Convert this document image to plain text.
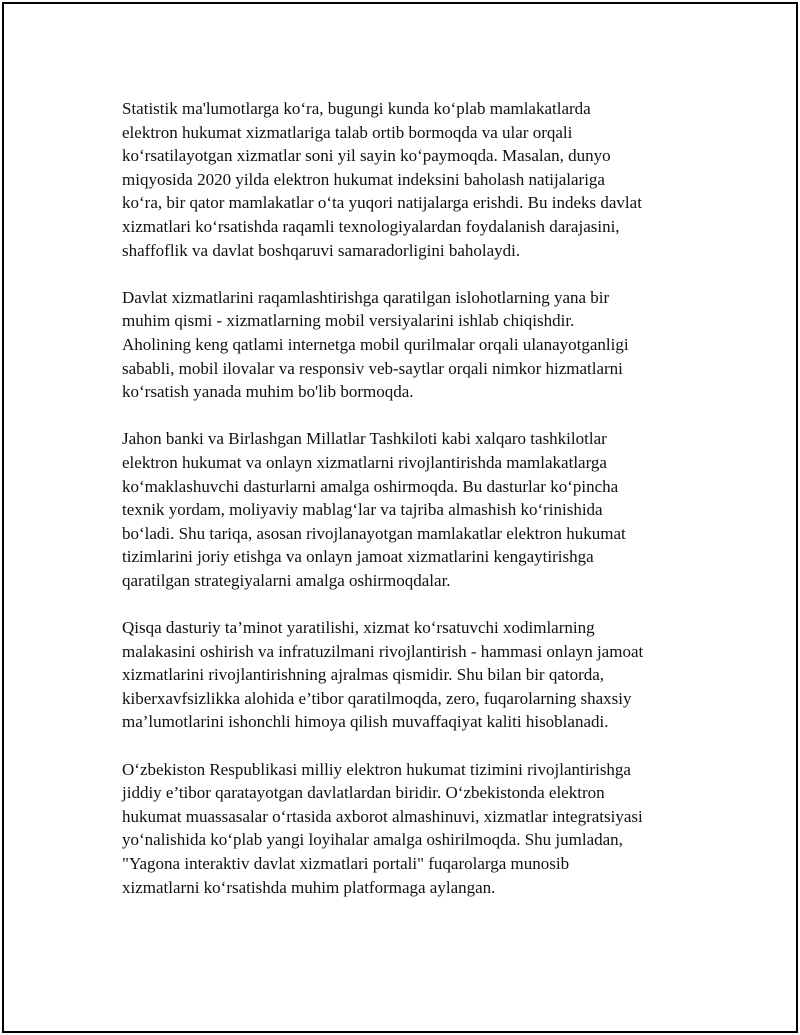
Statistik ma'lumotlarga ko‘ra, bugungi kunda ko‘plab mamlakatlarda
elektron hukumat xizmatlariga talab ortib bormoqda va ular orqali
ko‘rsatilayotgan xizmatlar soni yil sayin ko‘paymoqda. Masalan, dunyo
miqyosida 2020 yilda elektron hukumat indeksini baholash natijalariga
ko‘ra, bir qator mamlakatlar o‘ta yuqori natijalarga erishdi. Bu indeks davlat
xizmatlari ko‘rsatishda raqamli texnologiyalardan foydalanish darajasini,
shaffoflik va davlat boshqaruvi samaradorligini baholaydi.

Davlat xizmatlarini raqamlashtirishga qaratilgan islohotlarning yana bir
muhim qismi - xizmatlarning mobil versiyalarini ishlab chiqishdir.
Aholining keng qatlami internetga mobil qurilmalar orqali ulanayotganligi
sababli, mobil ilovalar va responsiv veb-saytlar orqali nimkor hizmatlarni
ko‘rsatish yanada muhim bo'lib bormoqda.

Jahon banki va Birlashgan Millatlar Tashkiloti kabi xalqaro tashkilotlar
elektron hukumat va onlayn xizmatlarni rivojlantirishda mamlakatlarga
ko‘maklashuvchi dasturlarni amalga oshirmoqda. Bu dasturlar ko‘pincha
texnik yordam, moliyaviy mablag‘lar va tajriba almashish ko‘rinishida
bo‘ladi. Shu tariqa, asosan rivojlanayotgan mamlakatlar elektron hukumat
tizimlarini joriy etishga va onlayn jamoat xizmatlarini kengaytirishga
qaratilgan strategiyalarni amalga oshirmoqdalar.

Qisqa dasturiy ta’minot yaratilishi, xizmat ko‘rsatuvchi xodimlarning
malakasini oshirish va infratuzilmani rivojlantirish - hammasi onlayn jamoat
xizmatlarini rivojlantirishning ajralmas qismidir. Shu bilan bir qatorda,
kiberxavfsizlikka alohida e’tibor qaratilmoqda, zero, fuqarolarning shaxsiy
ma’lumotlarini ishonchli himoya qilish muvaffaqiyat kaliti hisoblanadi.

O‘zbekiston Respublikasi milliy elektron hukumat tizimini rivojlantirishga
jiddiy e’tibor qaratayotgan davlatlardan biridir. O‘zbekistonda elektron
hukumat muassasalar o‘rtasida axborot almashinuvi, xizmatlar integratsiyasi
yo‘nalishida ko‘plab yangi loyihalar amalga oshirilmoqda. Shu jumladan,
"Yagona interaktiv davlat xizmatlari portali" fuqarolarga munosib
xizmatlarni ko‘rsatishda muhim platformaga aylangan.
